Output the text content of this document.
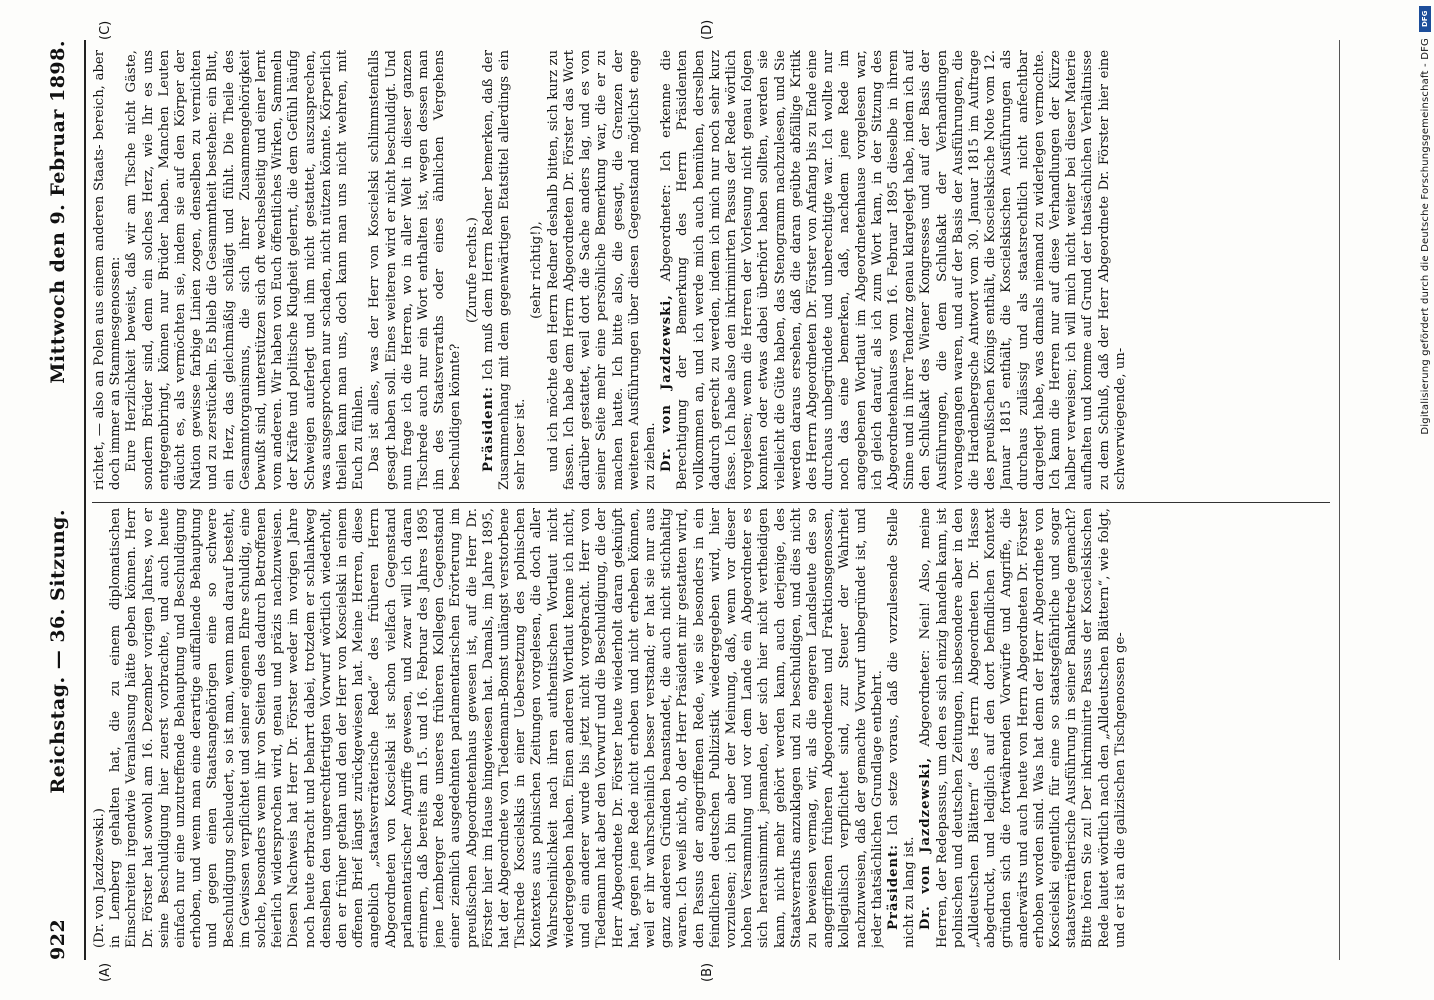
922
Reichstag. — 36. Sitzung.
Mittwoch den 9. Februar 1898.
(A)	(B)
(C)	(D)

(Dr. von Jazdzewski.) in Lemberg gehalten hat, die zu einem diplomatischen Einschreiten irgendwie Veranlassung hätte geben können. Herr Dr. Förster hat sowohl am 16. Dezember vorigen Jahres, wo er seine Beschuldigung hier zuerst vorbrachte, und auch heute einfach nur eine unzutreffende Behauptung und Beschuldigung erhoben, und wenn man eine derartige auffallende Behauptung und gegen einen Staatsangehörigen eine so schwere Beschuldigung schleudert, so ist man, wenn man darauf besteht, im Gewissen verpflichtet und seiner eigenen Ehre schuldig, eine solche, besonders wenn ihr von Seiten des dadurch Betroffenen feierlich widersprochen wird, genau und präzis nachzuweisen. Diesen Nachweis hat Herr Dr. Förster weder im vorigen Jahre noch heute erbracht und beharrt dabei, trotzdem er schlankweg denselben den ungerechtfertigten Vorwurf wörtlich wiederholt, den er früher gethan und den der Herr von Koscielski in einem offenen Brief längst zurückgewiesen hat. Meine Herren, diese angeblich „staatsverräterische Rede“ des früheren Herrn Abgeordneten von Koscielski ist schon vielfach Gegenstand parlamentarischer Angriffe gewesen, und zwar will ich daran erinnern, daß bereits am 15. und 16. Februar des Jahres 1895 jene Lemberger Rede unseres früheren Kollegen Gegenstand einer ziemlich ausgedehnten parlamentarischen Erörterung im preußischen Abgeordnetenhaus gewesen ist, auf die Herr Dr. Förster hier im Hause hingewiesen hat. Damals, im Jahre 1895, hat der Abgeordnete von Tiedemann-Bomst unlängst verstorbene Tischrede Koscielskis in einer Uebersetzung des polnischen Kontextes aus polnischen Zeitungen vorgelesen, die doch aller Wahrscheinlichkeit nach ihren authentischen Wortlaut nicht wiedergegeben haben. Einen anderen Wortlaut kenne ich nicht, und ein anderer wurde bis jetzt nicht vorgebracht. Herr von Tiedemann hat aber den Vorwurf und die Beschuldigung, die der Herr Abgeordnete Dr. Förster heute wiederholt daran geknüpft hat, gegen jene Rede nicht erhoben und nicht erheben können, weil er ihr wahrscheinlich besser verstand; er hat sie nur aus ganz anderen Gründen beanstandet, die auch nicht stichhaltig waren. Ich weiß nicht, ob der Herr Präsident mir gestatten wird, den Passus der angegriffenen Rede, wie sie besonders in ein feindlichen deutschen Publizistik wiedergegeben wird, hier vorzulesen; ich bin aber der Meinung, daß, wenn vor dieser hohen Versammlung und vor dem Lande ein Abgeordneter es sich herausnimmt, jemanden, der sich hier nicht vertheidigen kann, nicht mehr gehört werden kann, auch derjenige, des Staatsverraths anzuklagen und zu beschuldigen, und dies nicht zu beweisen vermag, wir, als die engeren Landsleute des so angegriffenen früheren Abgeordneten und Fraktionsgenossen, kollegialisch verpflichtet sind, zur Steuer der Wahrheit nachzuweisen, daß der gemachte Vorwurf unbegründet ist, und jeder thatsächlichen Grundlage entbehrt. Präsident: Ich setze voraus, daß die vorzulesende Stelle nicht zu lang ist. Dr. von Jazdzewski, Abgeordneter: Nein! Also, meine Herren, der Redepassus, um den es sich einzig handeln kann, ist polnischen und deutschen Zeitungen, insbesondere aber in den „Alldeutschen Blättern“ des Herrn Abgeordneten Dr. Hasse abgedruckt, und lediglich auf den dort befindlichen Kontext gründen sich die fortwährenden Vorwürfe und Angriffe, die anderwärts und auch heute von Herrn Abgeordneten Dr. Förster erhoben worden sind. Was hat denn der Herr Abgeordnete von Koscielski eigentlich für eine so staatsgefährliche und sogar staatsverrätherische Ausführung in seiner Banketrede gemacht? Bitte hören Sie zu! Der inkriminirte Passus der Koscielskischen Rede lautet wörtlich nach den „Alldeutschen Blättern“, wie folgt, und er ist an die galizischen Tischgenossen ge-

richtet, — also an Polen aus einem anderen Staats- bereich, aber doch immer an Stammesgenossen: Eure Herzlichkeit beweist, daß wir am Tische nicht Gäste, sondern Brüder sind, denn ein solches Herz, wie Ihr es uns entgegenbringt, können nur Brüder haben. Manchen Leuten däucht es, als vermöchten sie, indem sie auf den Körper der Nation gewisse farbige Linien zogen, denselben zu vernichten und zu zerstückeln. Es blieb die Gesammtheit bestehen: ein Blut, ein Herz, das gleichmäßig schlägt und fühlt. Die Theile des Gesammtorganismus, die sich ihrer Zusammengehörigkeit bewußt sind, unterstützen sich oft wechselseitig und einer lernt vom anderen. Wir haben von Euch öffentliches Wirken, Sammeln der Kräfte und politische Klugheit gelernt, die dem Gefühl häufig Schweigen auferlegt und ihm nicht gestattet, auszusprechen, was ausgesprochen nur schaden, nicht nützen könnte. Körperlich theilen kann man uns, doch kann man uns nicht wehren, mit Euch zu fühlen. Das ist alles, was der Herr von Koscielski schlimmstenfalls gesagt haben soll. Eines weiteren wird er nicht beschuldigt. Und nun frage ich die Herren, wo in aller Welt in dieser ganzen Tischrede auch nur ein Wort enthalten ist, wegen dessen man ihn des Staatsverraths oder eines ähnlichen Vergehens beschuldigen könnte?

(Zurufe rechts.)

Präsident: Ich muß dem Herrn Redner bemerken, daß der Zusammenhang mit dem gegenwärtigen Etatstitel allerdings ein sehr loser ist.

(sehr richtig!), und ich möchte den Herrn Redner deshalb bitten, sich kurz zu fassen. Ich habe dem Herrn Abgeordneten Dr. Förster das Wort darüber gestattet, weil dort die Sache anders lag, und es von seiner Seite mehr eine persönliche Bemerkung war, die er zu machen hatte. Ich bitte also, die gesagt, die Grenzen der weiteren Ausführungen über diesen Gegenstand möglichst enge zu ziehen. Dr. von Jazdzewski, Abgeordneter: Ich erkenne die Berechtigung der Bemerkung des Herrn Präsidenten vollkommen an, und ich werde mich auch bemühen, derselben dadurch gerecht zu werden, indem ich mich nur noch sehr kurz fasse. Ich habe also den inkriminirten Passus der Rede wörtlich vorgelesen; wenn die Herren der Vorlesung nicht genau folgen konnten oder etwas dabei überhört haben sollten, werden sie vielleicht die Güte haben, das Stenogramm nachzulesen, und Sie werden daraus ersehen, daß die daran geübte abfällige Kritik des Herrn Abgeordneten Dr. Förster von Anfang bis zu Ende eine durchaus unbegründete und unberechtigte war. Ich wollte nur noch das eine bemerken, daß, nachdem jene Rede im angegebenen Wortlaut im Abgeordnetenhause vorgelesen war, ich gleich darauf, als ich zum Wort kam, in der Sitzung des Abgeordnetenhauses vom 16. Februar 1895 dieselbe in ihrem Sinne und in ihrer Tendenz genau klargelegt habe, indem ich auf den Schlußakt des Wiener Kongresses und auf der Basis der Ausführungen, die dem Schlußakt der Verhandlungen vorangegangen waren, und auf der Basis der Ausführungen, die die Hardenbergsche Antwort vom 30. Januar 1815 im Auftrage des preußischen Königs enthält, die Koscielskische Note vom 12. Januar 1815 enthält, die Koscielskischen Ausführungen als durchaus zulässig und als staatsrechtlich nicht anfechtbar dargelegt habe, was damals niemand zu widerlegen vermochte. Ich kann die Herren nur auf diese Verhandlungen der Kürze halber verweisen; ich will mich nicht weiter bei dieser Materie aufhalten und komme auf Grund der thatsächlichen Verhältnisse zu dem Schluß, daß der Herr Abgeordnete Dr. Förster hier eine schwerwiegende, un-

DFG
Digitalisierung gefördert durch die Deutsche Forschungsgemeinschaft - DFG
